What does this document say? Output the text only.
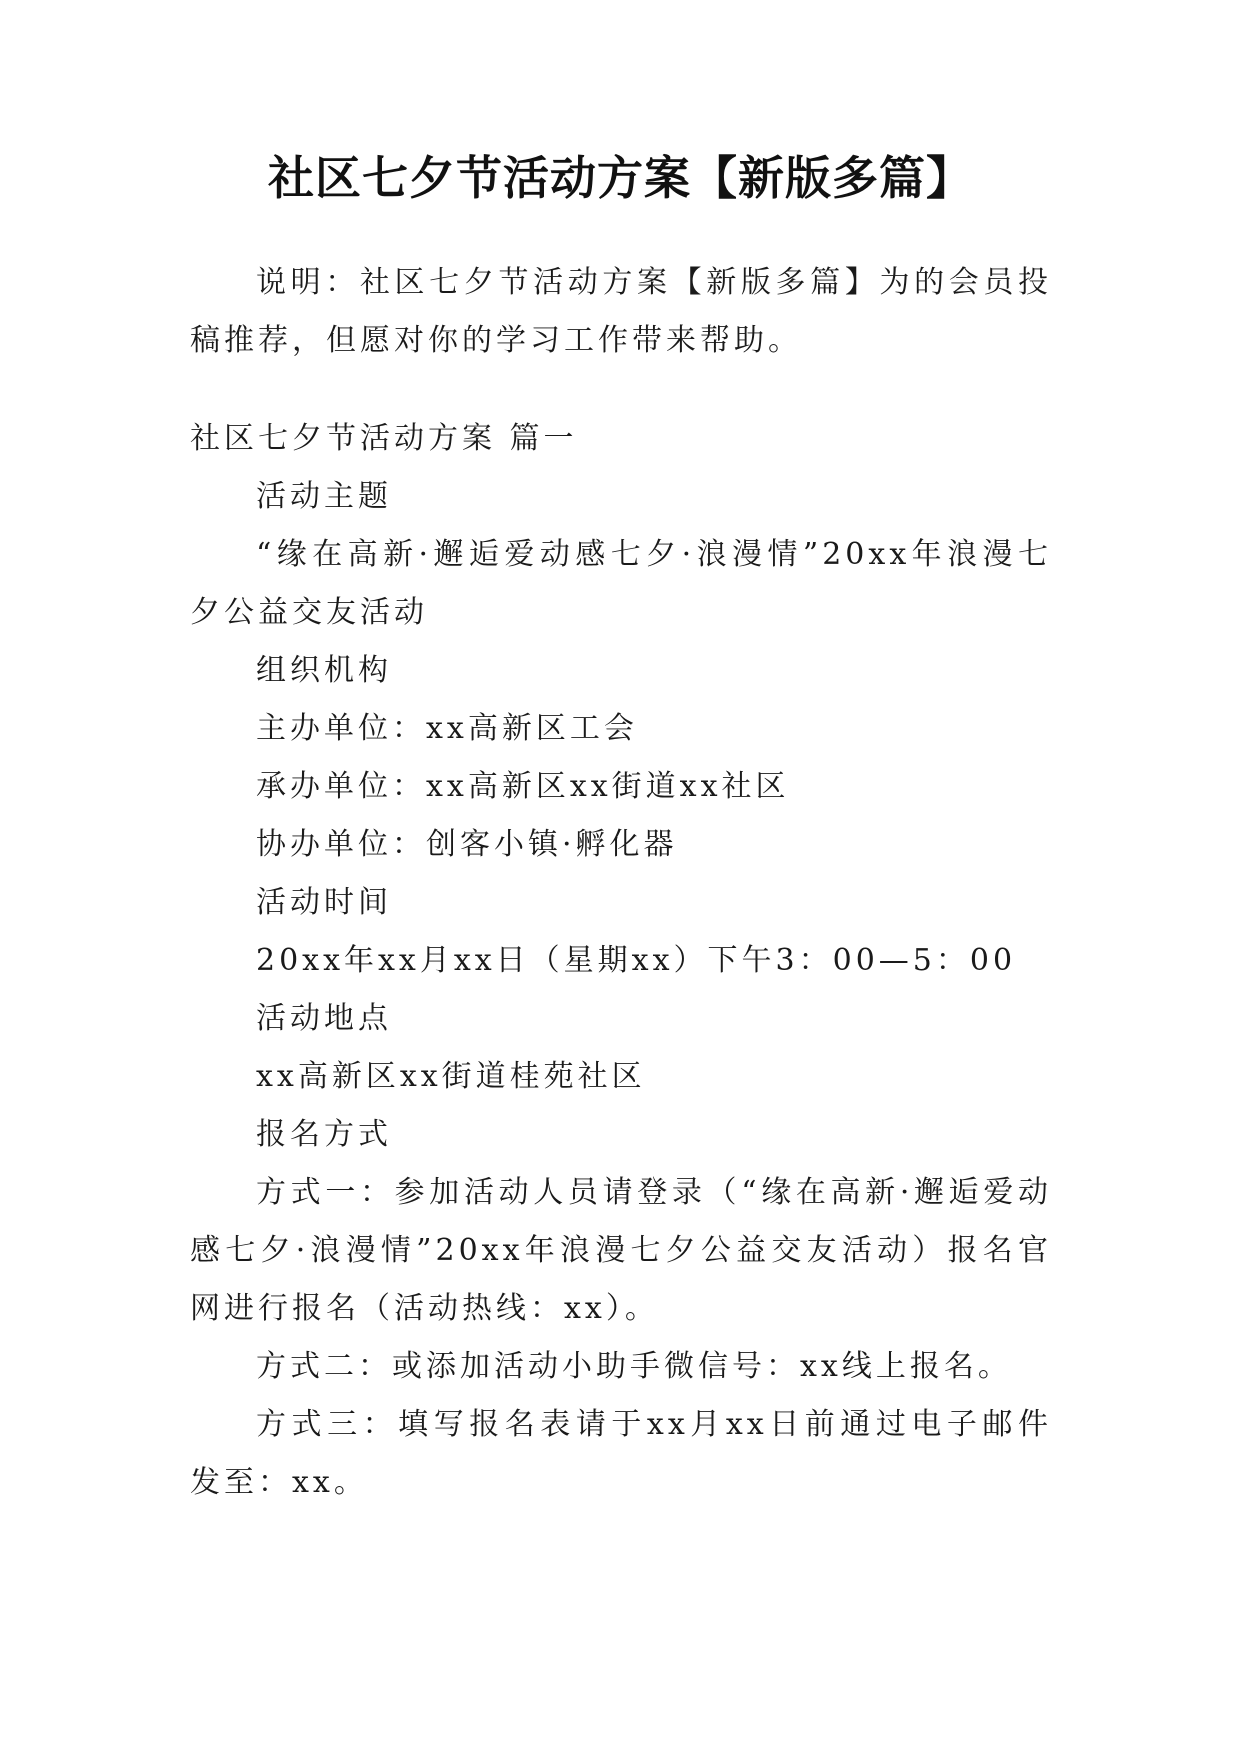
社区七夕节活动方案【新版多篇】

说明：社区七夕节活动方案【新版多篇】为的会员投稿推荐，但愿对你的学习工作带来帮助。

社区七夕节活动方案 篇一

活动主题

“缘在高新·邂逅爱动感七夕·浪漫情”20xx年浪漫七夕公益交友活动

组织机构

主办单位：xx高新区工会

承办单位：xx高新区xx街道xx社区

协办单位：创客小镇·孵化器

活动时间

20xx年xx月xx日（星期xx）下午3：00—5：00

活动地点

xx高新区xx街道桂苑社区

报名方式

方式一：参加活动人员请登录（“缘在高新·邂逅爱动感七夕·浪漫情”20xx年浪漫七夕公益交友活动）报名官网进行报名（活动热线：xx）。

方式二：或添加活动小助手微信号：xx线上报名。

方式三：填写报名表请于xx月xx日前通过电子邮件发至：xx。
